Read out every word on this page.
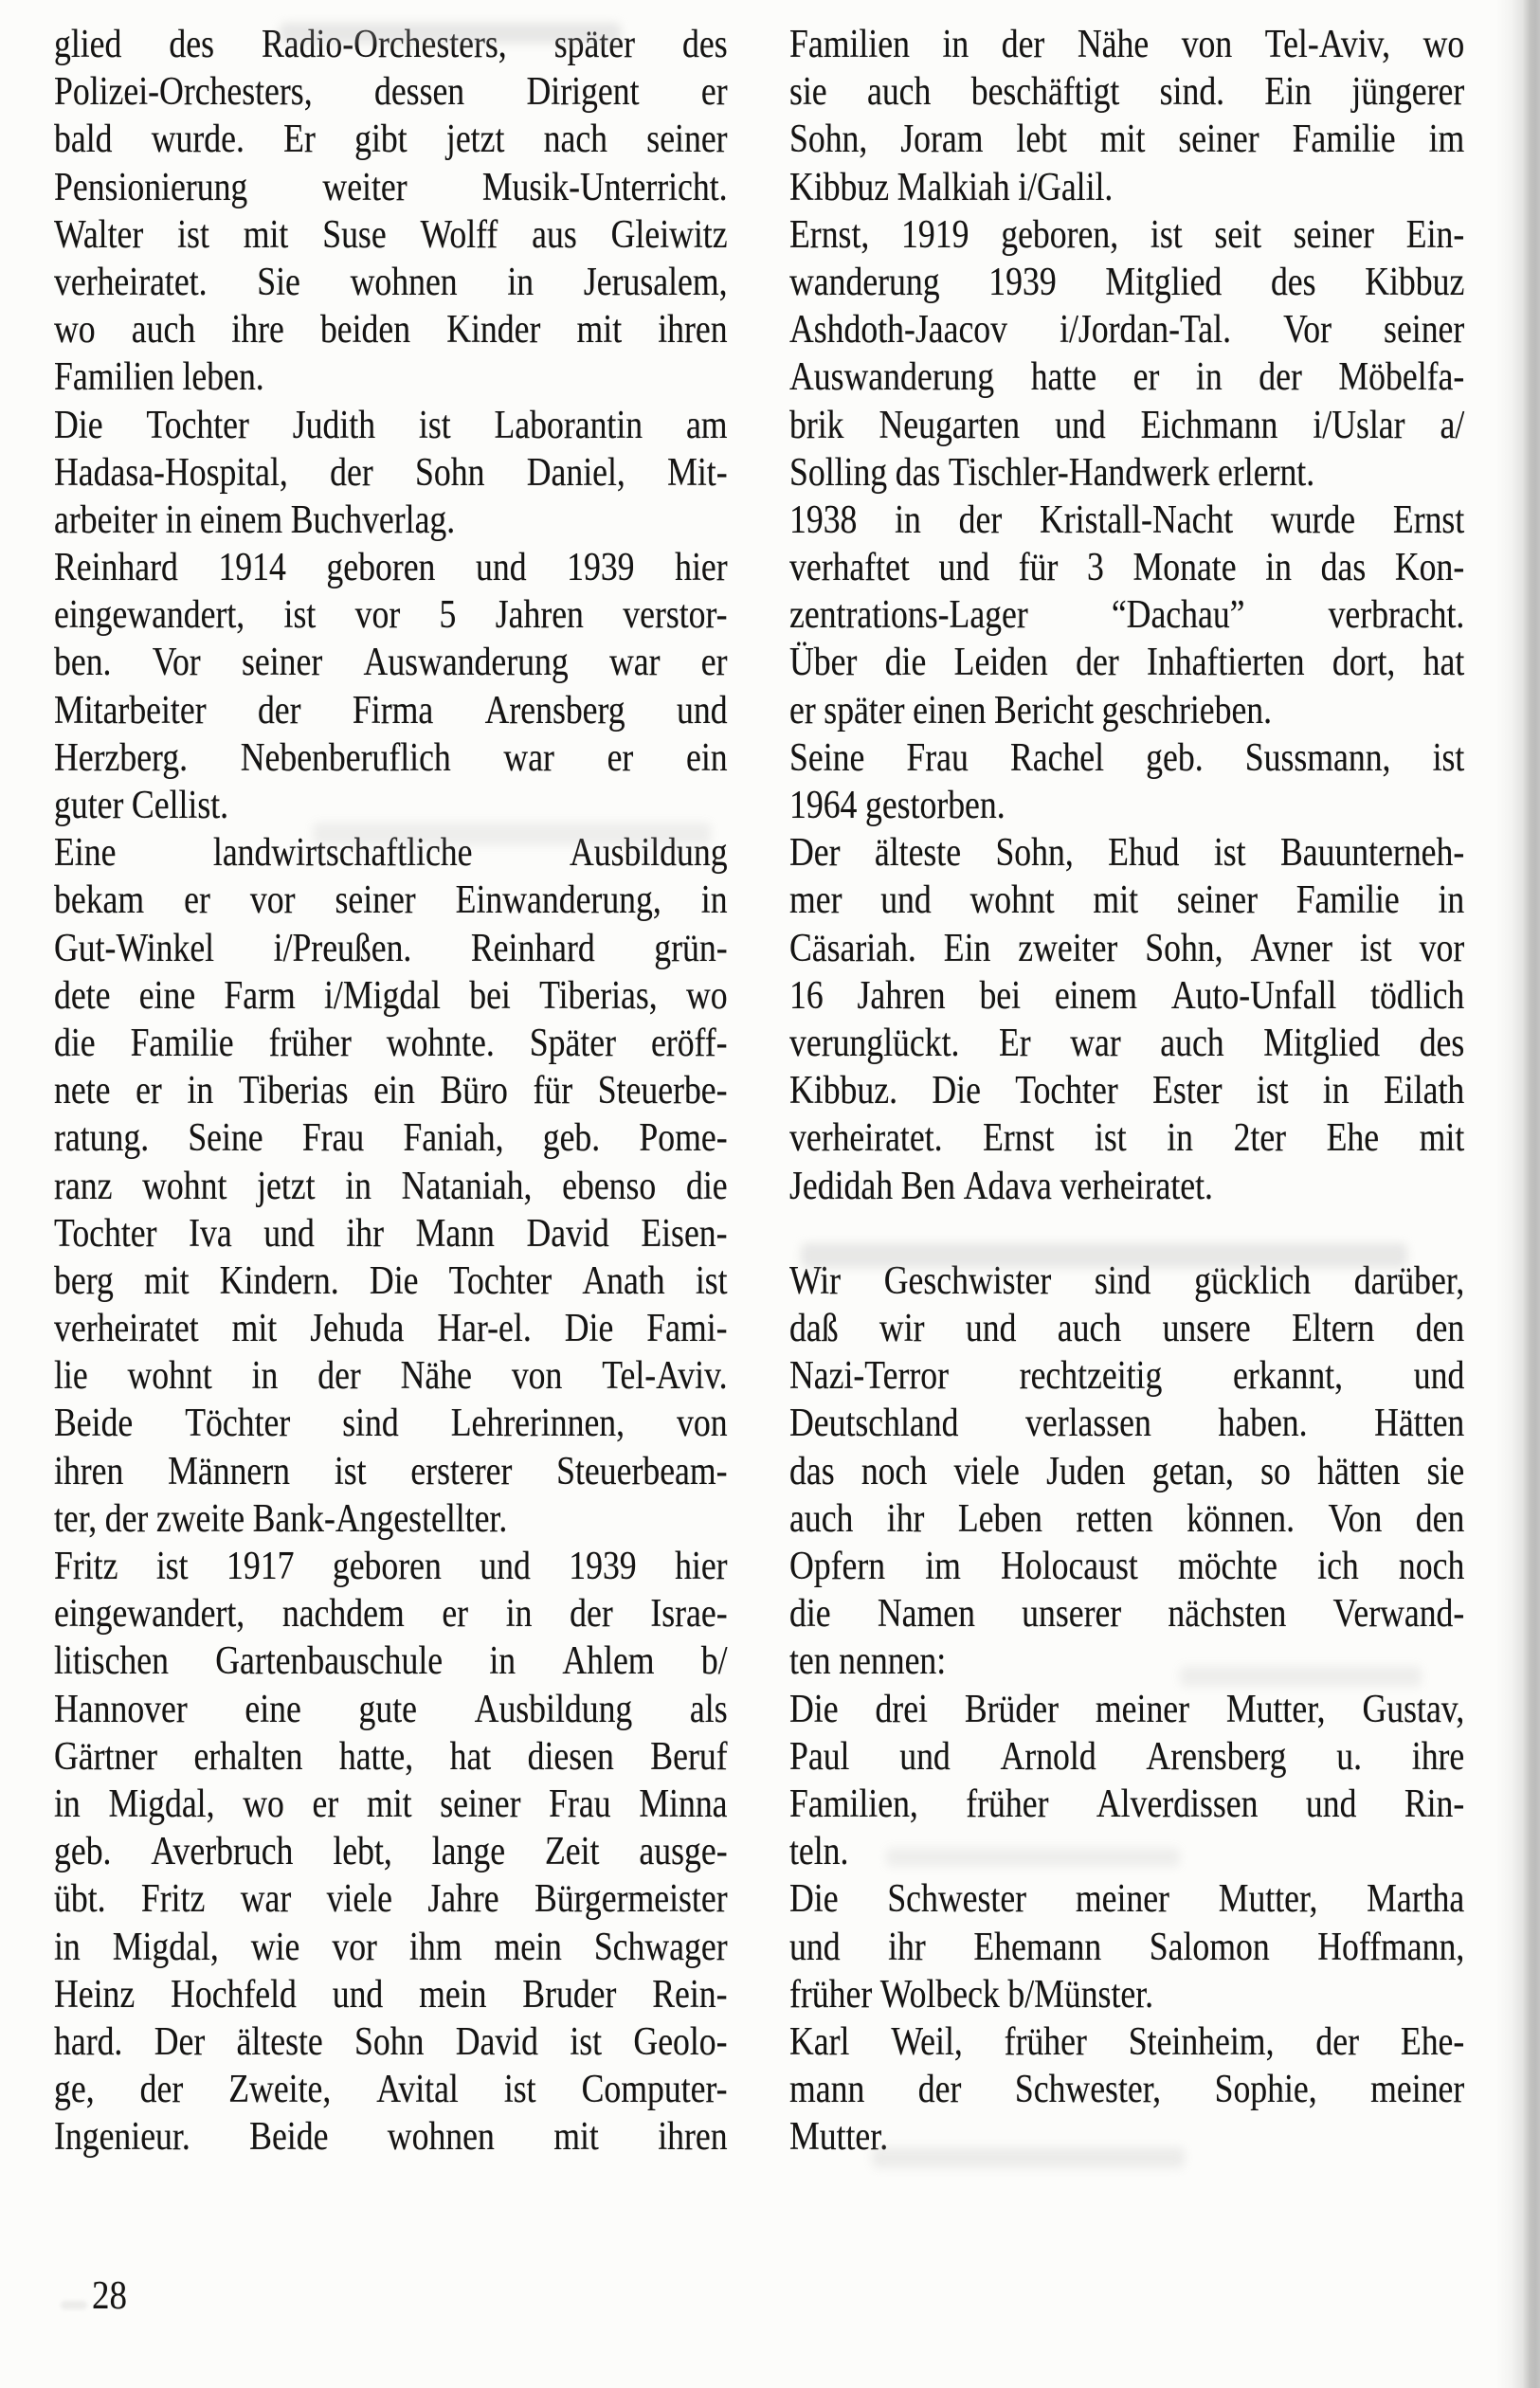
glied des Radio-Orchesters, später des
Polizei-Orchesters, dessen Dirigent er
bald wurde. Er gibt jetzt nach seiner
Pensionierung weiter Musik-Unterricht.
Walter ist mit Suse Wolff aus Gleiwitz
verheiratet. Sie wohnen in Jerusalem,
wo auch ihre beiden Kinder mit ihren
Familien leben.
Die Tochter Judith ist Laborantin am
Hadasa-Hospital, der Sohn Daniel, Mit-
arbeiter in einem Buchverlag.
Reinhard 1914 geboren und 1939 hier
eingewandert, ist vor 5 Jahren verstor-
ben. Vor seiner Auswanderung war er
Mitarbeiter der Firma Arensberg und
Herzberg. Nebenberuflich war er ein
guter Cellist.
Eine landwirtschaftliche Ausbildung
bekam er vor seiner Einwanderung, in
Gut-Winkel i/Preußen. Reinhard grün-
dete eine Farm i/Migdal bei Tiberias, wo
die Familie früher wohnte. Später eröff-
nete er in Tiberias ein Büro für Steuerbe-
ratung. Seine Frau Faniah, geb. Pome-
ranz wohnt jetzt in Nataniah, ebenso die
Tochter Iva und ihr Mann David Eisen-
berg mit Kindern. Die Tochter Anath ist
verheiratet mit Jehuda Har-el. Die Fami-
lie wohnt in der Nähe von Tel-Aviv.
Beide Töchter sind Lehrerinnen, von
ihren Männern ist ersterer Steuerbeam-
ter, der zweite Bank-Angestellter.
Fritz ist 1917 geboren und 1939 hier
eingewandert, nachdem er in der Israe-
litischen Gartenbauschule in Ahlem b/
Hannover eine gute Ausbildung als
Gärtner erhalten hatte, hat diesen Beruf
in Migdal, wo er mit seiner Frau Minna
geb. Averbruch lebt, lange Zeit ausge-
übt. Fritz war viele Jahre Bürgermeister
in Migdal, wie vor ihm mein Schwager
Heinz Hochfeld und mein Bruder Rein-
hard. Der älteste Sohn David ist Geolo-
ge, der Zweite, Avital ist Computer-
Ingenieur. Beide wohnen mit ihren
Familien in der Nähe von Tel-Aviv, wo
sie auch beschäftigt sind. Ein jüngerer
Sohn, Joram lebt mit seiner Familie im
Kibbuz Malkiah i/Galil.
Ernst, 1919 geboren, ist seit seiner Ein-
wanderung 1939 Mitglied des Kibbuz
Ashdoth-Jaacov i/Jordan-Tal. Vor seiner
Auswanderung hatte er in der Möbelfa-
brik Neugarten und Eichmann i/Uslar a/
Solling das Tischler-Handwerk erlernt.
1938 in der Kristall-Nacht wurde Ernst
verhaftet und für 3 Monate in das Kon-
zentrations-Lager “Dachau” verbracht.
Über die Leiden der Inhaftierten dort, hat
er später einen Bericht geschrieben.
Seine Frau Rachel geb. Sussmann, ist
1964 gestorben.
Der älteste Sohn, Ehud ist Bauunterneh-
mer und wohnt mit seiner Familie in
Cäsariah. Ein zweiter Sohn, Avner ist vor
16 Jahren bei einem Auto-Unfall tödlich
verunglückt. Er war auch Mitglied des
Kibbuz. Die Tochter Ester ist in Eilath
verheiratet. Ernst ist in 2ter Ehe mit
Jedidah Ben Adava verheiratet.
Wir Geschwister sind gücklich darüber,
daß wir und auch unsere Eltern den
Nazi-Terror rechtzeitig erkannt, und
Deutschland verlassen haben. Hätten
das noch viele Juden getan, so hätten sie
auch ihr Leben retten können. Von den
Opfern im Holocaust möchte ich noch
die Namen unserer nächsten Verwand-
ten nennen:
Die drei Brüder meiner Mutter, Gustav,
Paul und Arnold Arensberg u. ihre
Familien, früher Alverdissen und Rin-
teln.
Die Schwester meiner Mutter, Martha
und ihr Ehemann Salomon Hoffmann,
früher Wolbeck b/Münster.
Karl Weil, früher Steinheim, der Ehe-
mann der Schwester, Sophie, meiner
Mutter.
28
